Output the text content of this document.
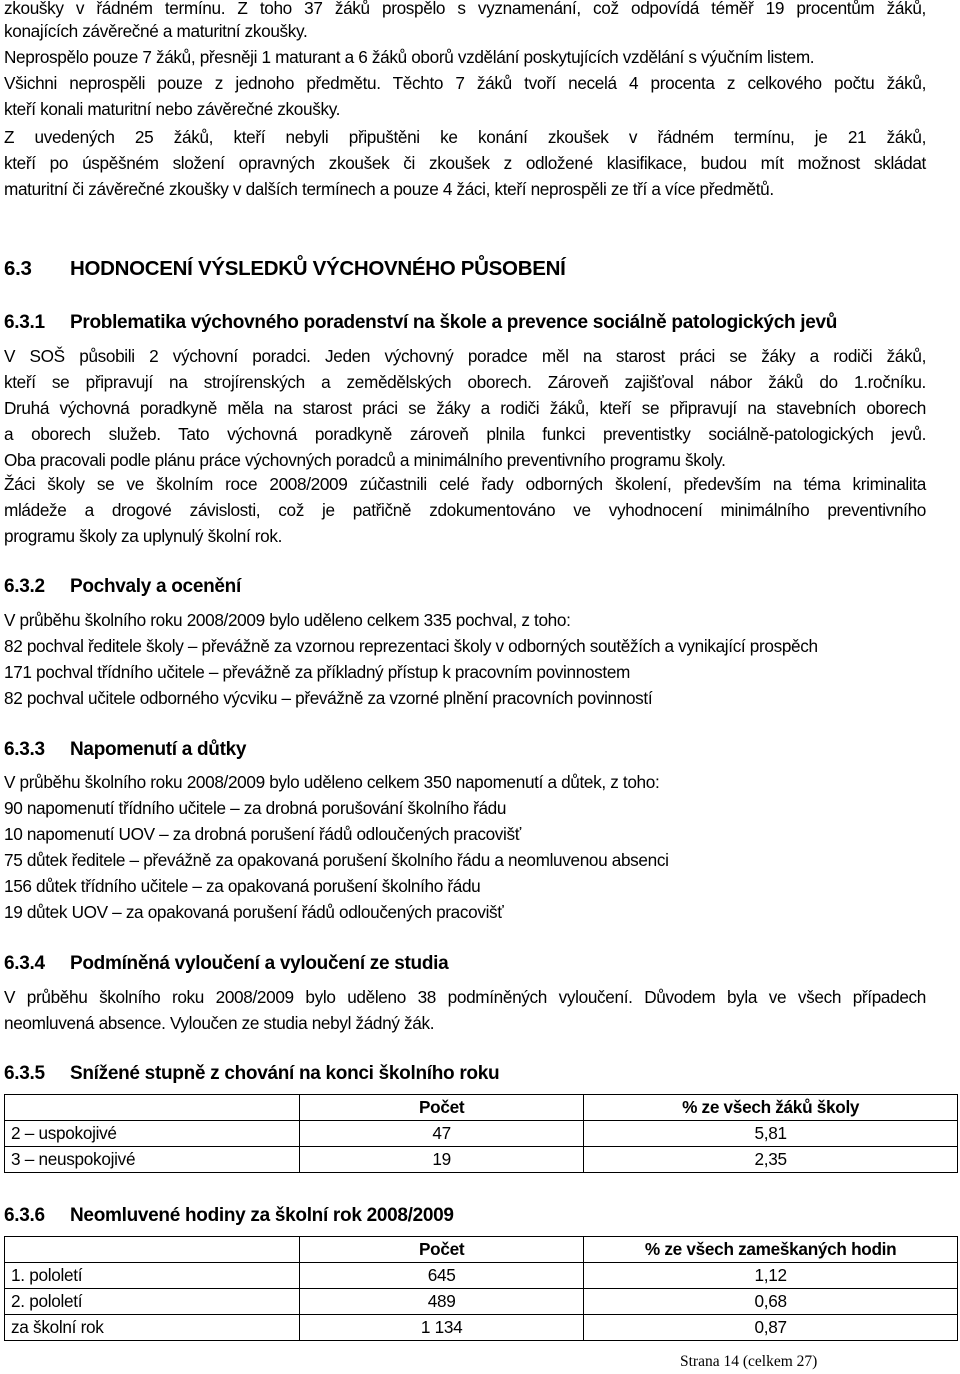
zkoušky v řádném termínu. Z toho 37 žáků prospělo s vyznamenání, což odpovídá téměř 19 procentům žáků,
konajících závěrečné a maturitní zkoušky.
Neprospělo pouze 7 žáků, přesněji 1 maturant a 6 žáků oborů vzdělání poskytujících vzdělání s výučním listem.
Všichni neprospěli pouze z jednoho předmětu. Těchto 7 žáků tvoří necelá 4 procenta z celkového počtu žáků,
kteří konali maturitní nebo závěrečné zkoušky.
Z uvedených 25 žáků, kteří nebyli připuštěni ke konání zkoušek v řádném termínu, je 21 žáků,
kteří po úspěšném složení opravných zkoušek či zkoušek z odložené klasifikace, budou mít možnost skládat
maturitní či závěrečné zkoušky v dalších termínech a pouze 4 žáci, kteří neprospěli ze tří a více předmětů.
6.3 HODNOCENÍ VÝSLEDKŮ VÝCHOVNÉHO PŮSOBENÍ
6.3.1 Problematika výchovného poradenství na škole a prevence sociálně patologických jevů
V SOŠ působili 2 výchovní poradci. Jeden výchovný poradce měl na starost práci se žáky a rodiči žáků,
kteří se připravují na strojírenských a zemědělských oborech. Zároveň zajišťoval nábor žáků do 1.ročníku.
Druhá výchovná poradkyně měla na starost práci se žáky a rodiči žáků, kteří se připravují na stavebních oborech
a oborech služeb. Tato výchovná poradkyně zároveň plnila funkci preventistky sociálně-patologických jevů.
Oba pracovali podle plánu práce výchovných poradců a minimálního preventivního programu školy.
Žáci školy se ve školním roce 2008/2009 zúčastnili celé řady odborných školení, především na téma kriminalita
mládeže a drogové závislosti, což je patřičně zdokumentováno ve vyhodnocení minimálního preventivního
programu školy za uplynulý školní rok.
6.3.2 Pochvaly a ocenění
V průběhu školního roku 2008/2009 bylo uděleno celkem 335 pochval, z toho:
82 pochval ředitele školy – převážně za vzornou reprezentaci školy v odborných soutěžích a vynikající prospěch
171 pochval třídního učitele – převážně za příkladný přístup k pracovním povinnostem
82 pochval učitele odborného výcviku – převážně za vzorné plnění pracovních povinností
6.3.3 Napomenutí a důtky
V průběhu školního roku 2008/2009 bylo uděleno celkem 350 napomenutí a důtek, z toho:
90 napomenutí třídního učitele – za drobná porušování školního řádu
10 napomenutí UOV – za drobná porušení řádů odloučených pracovišť
75 důtek ředitele – převážně za opakovaná porušení školního řádu a neomluvenou absenci
156 důtek třídního učitele – za opakovaná porušení školního řádu
19 důtek UOV – za opakovaná porušení řádů odloučených pracovišť
6.3.4 Podmíněná vyloučení a vyloučení ze studia
V průběhu školního roku 2008/2009 bylo uděleno 38 podmíněných vyloučení. Důvodem byla ve všech případech
neomluvená absence. Vyloučen ze studia nebyl žádný žák.
6.3.5 Snížené stupně z chování na konci školního roku
	Počet	% ze všech žáků školy
2 – uspokojivé	47	5,81
3 – neuspokojivé	19	2,35
6.3.6 Neomluvené hodiny za školní rok 2008/2009
	Počet	% ze všech zameškaných hodin
1. pololetí	645	1,12
2. pololetí	489	0,68
za školní rok	1 134	0,87
Strana 14 (celkem 27)
